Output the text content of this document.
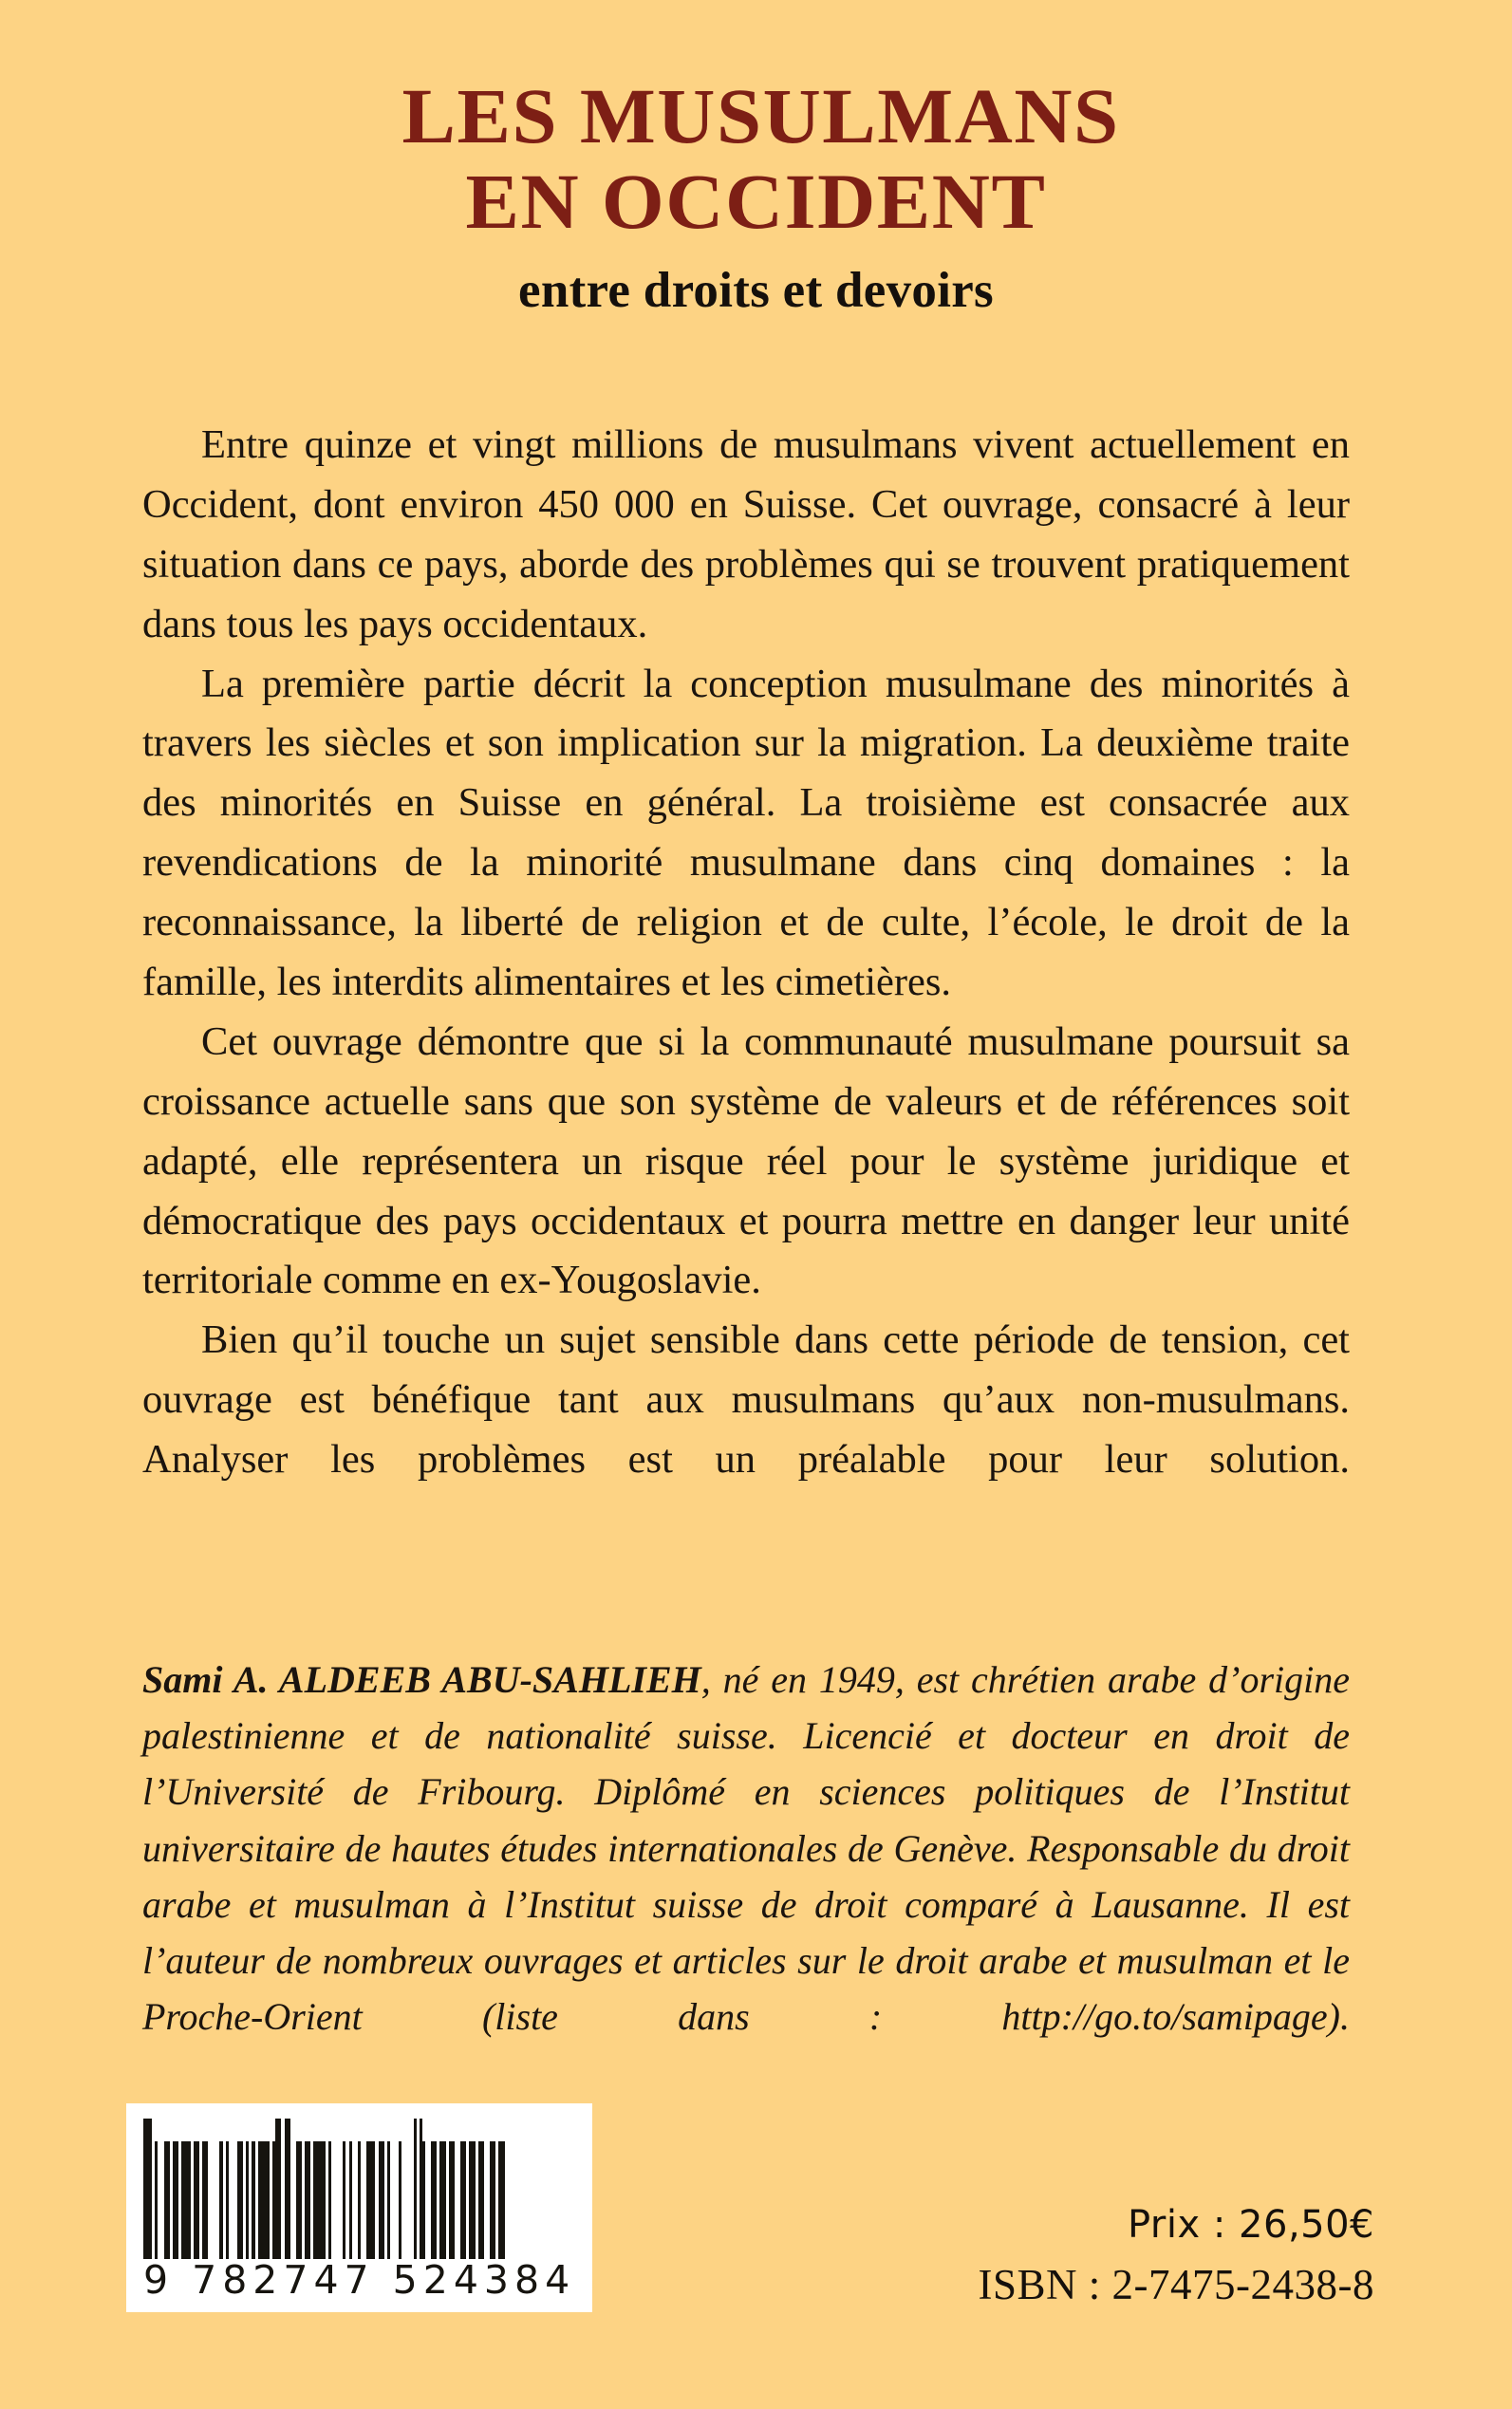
LES MUSULMANS
EN OCCIDENT
entre droits et devoirs

Entre quinze et vingt millions de musulmans vivent actuellement en Occident, dont environ 450 000 en Suisse. Cet ouvrage, consacré à leur situation dans ce pays, aborde des problèmes qui se trouvent pratiquement dans tous les pays occidentaux.

La première partie décrit la conception musulmane des minorités à travers les siècles et son implication sur la migration. La deuxième traite des minorités en Suisse en général. La troisième est consacrée aux revendications de la minorité musulmane dans cinq domaines : la reconnaissance, la liberté de religion et de culte, l’école, le droit de la famille, les interdits alimentaires et les cimetières.

Cet ouvrage démontre que si la communauté musulmane poursuit sa croissance actuelle sans que son système de valeurs et de références soit adapté, elle représentera un risque réel pour le système juridique et démocratique des pays occidentaux et pourra mettre en danger leur unité territoriale comme en ex-Yougoslavie.

Bien qu’il touche un sujet sensible dans cette période de tension, cet ouvrage est bénéfique tant aux musulmans qu’aux non-musulmans. Analyser les problèmes est un préalable pour leur solution.

Sami A. ALDEEB ABU-SAHLIEH, né en 1949, est chrétien arabe d’origine palestinienne et de nationalité suisse. Licencié et docteur en droit de l’Université de Fribourg. Diplômé en sciences politiques de l’Institut universitaire de hautes études internationales de Genève. Responsable du droit arabe et musulman à l’Institut suisse de droit comparé à Lausanne. Il est l’auteur de nombreux ouvrages et articles sur le droit arabe et musulman et le Proche-Orient (liste dans : http://go.to/samipage).

9 782747 524384
Prix : 26,50€
ISBN : 2-7475-2438-8
